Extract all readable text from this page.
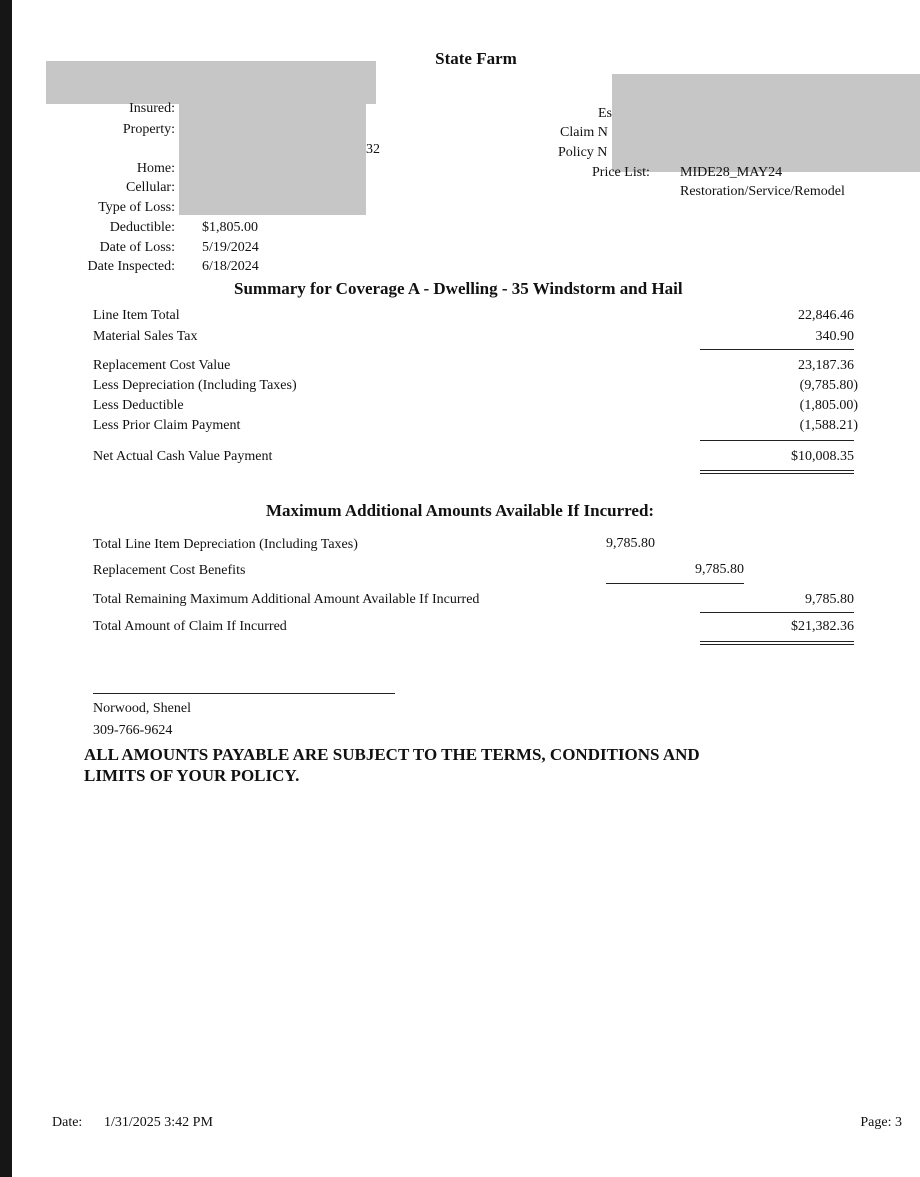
State Farm
Insured:
Property:
32
Home:
Cellular:
Type of Loss:
Deductible: $1,805.00
Date of Loss: 5/19/2024
Date Inspected: 6/18/2024
Es
Claim N
Policy N
Price List: MIDE28_MAY24
Restoration/Service/Remodel
Summary for Coverage A - Dwelling - 35 Windstorm and Hail
Line Item Total	22,846.46
Material Sales Tax	340.90
Replacement Cost Value	23,187.36
Less Depreciation (Including Taxes)	(9,785.80)
Less Deductible	(1,805.00)
Less Prior Claim Payment	(1,588.21)
Net Actual Cash Value Payment	$10,008.35
Maximum Additional Amounts Available If Incurred:
Total Line Item Depreciation (Including Taxes)	9,785.80
Replacement Cost Benefits	9,785.80
Total Remaining Maximum Additional Amount Available If Incurred	9,785.80
Total Amount of Claim If Incurred	$21,382.36
Norwood, Shenel
309-766-9624
ALL AMOUNTS PAYABLE ARE SUBJECT TO THE TERMS, CONDITIONS AND
LIMITS OF YOUR POLICY.
Date: 1/31/2025 3:42 PM	Page: 3
